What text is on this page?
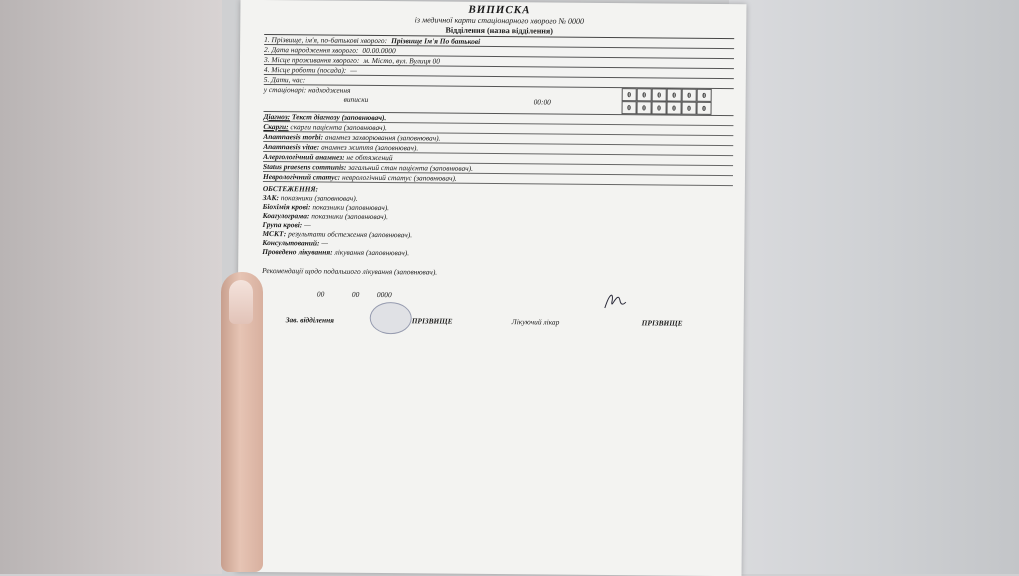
ВИПИСКА
із медичної карти стаціонарного хворого № 0000
Відділення (назва відділення)
1. Прізвище, ім'я, по-батькові хворого: Прізвище Ім'я По батькові
2. Дата народження хворого: 00.00.0000
3. Місце проживання хворого: м. Місто, вул. Вулиця 00
4. Місце роботи (посада): —
5. Дати, час:
у стаціонарі: надходження
виписки	00:00
0	0	0	0	0	0
0	0	0	0	0	0
Діагноз: Текст діагнозу (заповнювач).
Скарги: скарги пацієнта (заповнювач).
Anamnaesis morbi: анамнез захворювання (заповнювач).
Anamnaesis vitae: анамнез життя (заповнювач).
Алергологічний анамнез: не обтяжений
Status praesens communis: загальний стан пацієнта (заповнювач).
Неврологічний статус: неврологічний статус (заповнювач).
ОБСТЕЖЕННЯ:
ЗАК: показники (заповнювач).
Біохімія крові: показники (заповнювач).
Коагулограма: показники (заповнювач).
Група крові: —
МСКТ: результати обстеження (заповнювач).
Консультований: —
Проведено лікування: лікування (заповнювач).
Рекомендації щодо подальшого лікування (заповнювач).
00	00 0000
Зав. відділення	ПРІЗВИЩЕ	Лікуючий лікар	ПРІЗВИЩЕ
